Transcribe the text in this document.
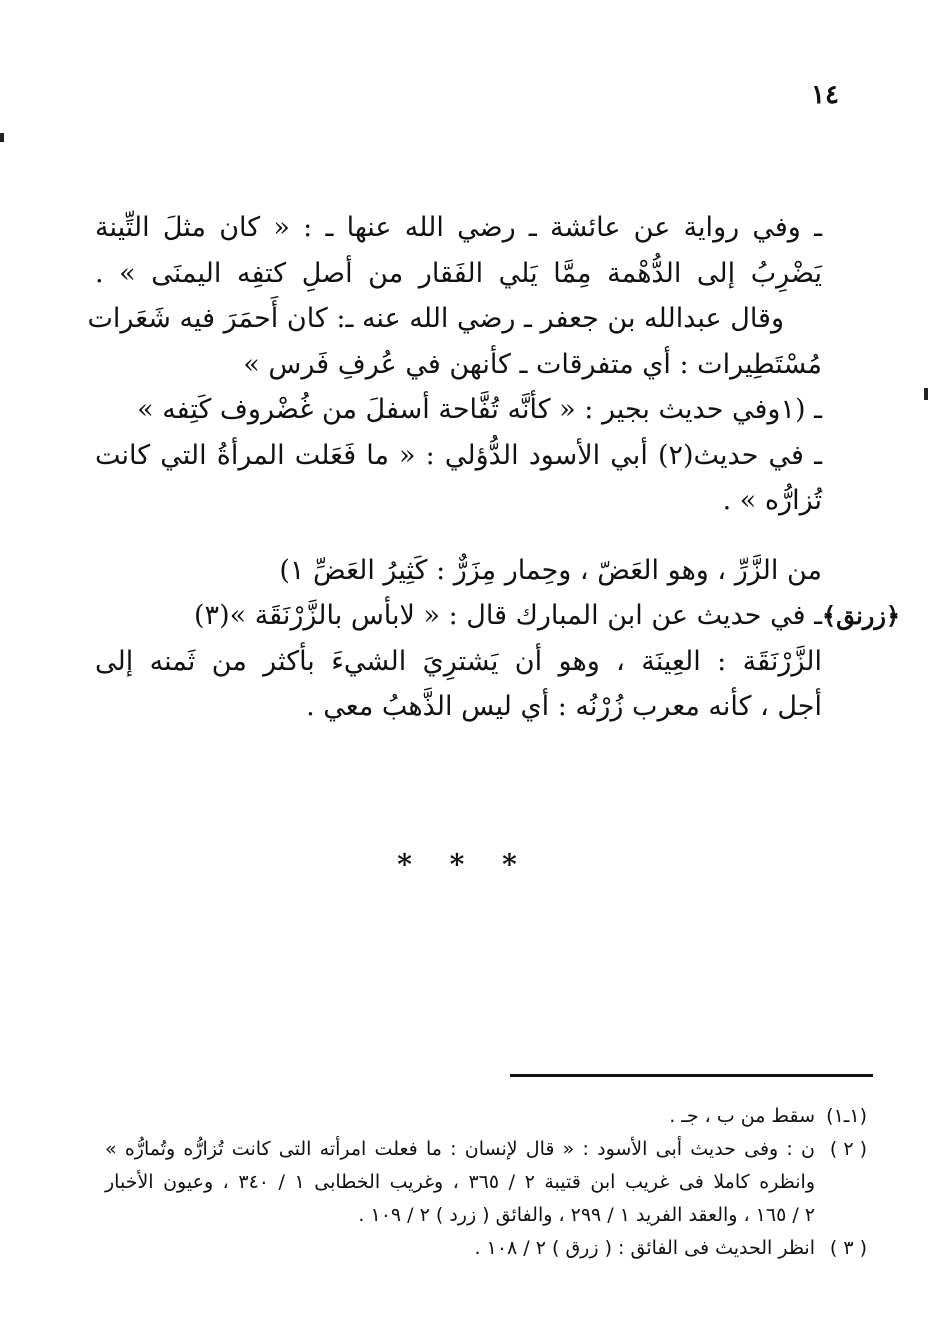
١٤
ـ وفي رواية عن عائشة ـ رضي الله عنها ـ : « كان مثلَ التِّينة
يَضْرِبُ إلى الدُّهْمة مِمَّا يَلي الفَقار من أصلِ كتفِه اليمنَى » .
وقال عبدالله بن جعفر ـ رضي الله عنه ـ: كان أَحمَرَ فيه شَعَرات
مُسْتَطِيرات : أي متفرقات ـ كأنهن في عُرفِ فَرس »
ـ (١وفي حديث بجير : « كأنَّه تُفَّاحة أسفلَ من غُضْروف كَتِفه »
ـ في حديث(٢) أبي الأسود الدُّؤلي : « ما فَعَلت المرأةُ التي كانت
تُزارُّه » .
من الزَّرِّ ، وهو العَضّ ، وحِمار مِزَرٌّ : كَثِيرُ العَضِّ ١)
﴿زرنق﴾
ـ في حديث عن ابن المبارك قال : « لابأس بالزَّرْنَقَة »(٣)
الزَّرْنَقَة : العِينَة ، وهو أن يَشترِيَ الشيءَ بأكثر من ثَمنه إلى
أجل ، كأنه معرب زُرْنُه : أي ليس الذَّهبُ معي .
* * *
(١ـ١)
سقط من ب ، جـ .
( ٢ )
ن : وفى حديث أبى الأسود : « قال لإنسان : ما فعلت امرأته التى كانت تُزارُّه وتُمارُّه »
وانظره كاملا فى غريب ابن قتيبة ٢ / ٣٦٥ ، وغريب الخطابى ١ / ٣٤٠ ، وعيون الأخبار
٢ / ١٦٥ ، والعقد الفريد ١ / ٢٩٩ ، والفائق ( زرد ) ٢ / ١٠٩ .
( ٣ )
انظر الحديث فى الفائق : ( زرق ) ٢ / ١٠٨ .
